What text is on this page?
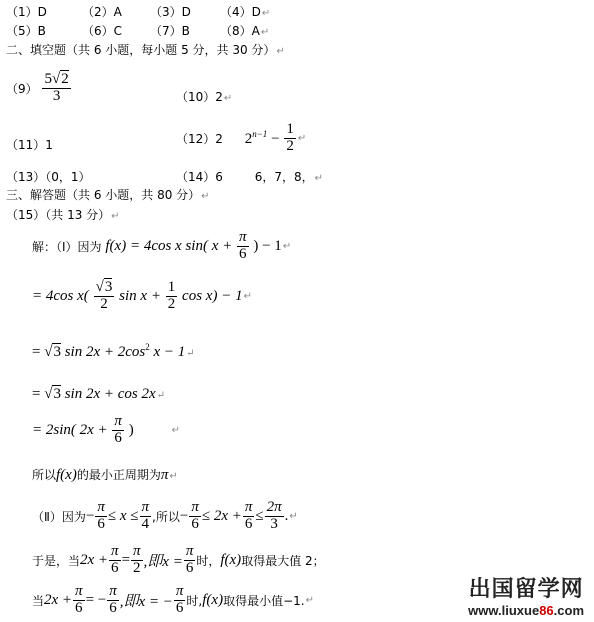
（1）D	（2）A （3）D （4）D↵
（5）B	（6）C （7）B	（8）A↵
二、填空题（共 6 小题，每小题 5 分，共 30 分）↵
$(9) \frac{5√2}{3}$	（10）2↵
（11）1	（12）2 $2^{n-1} - \frac{1}{2}$ ↵
（13）（0，1）	（14）6	6，7，8，↵
三、解答题（共 6 小题，共 80 分）↵
（15）（共 13 分）↵
解：（Ⅰ）因为 f(x) = 4cos x sin( $x + \frac{\pi}{6}$ ) − 1↵
= 4cos $x( \frac{√3}{2}$ $\sin x + \frac{1}{2}$ cos x) − 1↵
= √3 $\sin 2x + 2\cos^2$ x − 1↵
= √3 sin 2x + cos 2x↵
= 2sin( $2x + \frac{\pi}{6}$ )	↵
所以f(x)的最小正周期为π↵
（Ⅱ）因为− $\frac{\pi}{6} \le x \le \frac{\pi}{4}$ ,所以− $\frac{\pi}{6} \le 2x + \frac{\pi}{6} \le \frac{2\pi}{3}$ .↵
于是，当$2x + \frac{\pi}{6} = \frac{\pi}{2}$ ,即$x = \frac{\pi}{6}$ 时，f(x)取得最大值 2；
当$2x + \frac{\pi}{6}$ = − $\frac{\pi}{6}$ ,即x = − $\frac{\pi}{6}$ 时,f(x)取得最小值−1.↵	出国留学网
www.liuxue86.com
